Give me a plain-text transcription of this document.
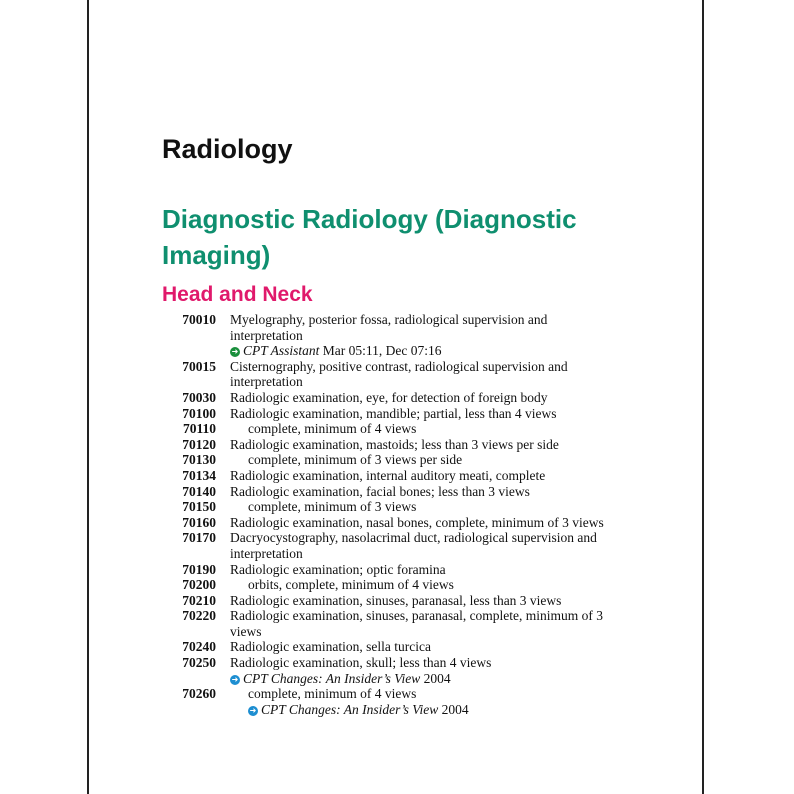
Radiology
Diagnostic Radiology (Diagnostic Imaging)
Head and Neck
70010 Myelography, posterior fossa, radiological supervision and interpretation
➜ CPT Assistant Mar 05:11, Dec 07:16
70015 Cisternography, positive contrast, radiological supervision and interpretation
70030 Radiologic examination, eye, for detection of foreign body
70100 Radiologic examination, mandible; partial, less than 4 views
70110	complete, minimum of 4 views
70120 Radiologic examination, mastoids; less than 3 views per side
70130	complete, minimum of 3 views per side
70134 Radiologic examination, internal auditory meati, complete
70140 Radiologic examination, facial bones; less than 3 views
70150	complete, minimum of 3 views
70160 Radiologic examination, nasal bones, complete, minimum of 3 views
70170 Dacryocystography, nasolacrimal duct, radiological supervision and interpretation
70190 Radiologic examination; optic foramina
70200	orbits, complete, minimum of 4 views
70210 Radiologic examination, sinuses, paranasal, less than 3 views
70220 Radiologic examination, sinuses, paranasal, complete, minimum of 3 views
70240 Radiologic examination, sella turcica
70250 Radiologic examination, skull; less than 4 views
➜ CPT Changes: An Insider’s View 2004
70260	complete, minimum of 4 views
➜ CPT Changes: An Insider’s View 2004
